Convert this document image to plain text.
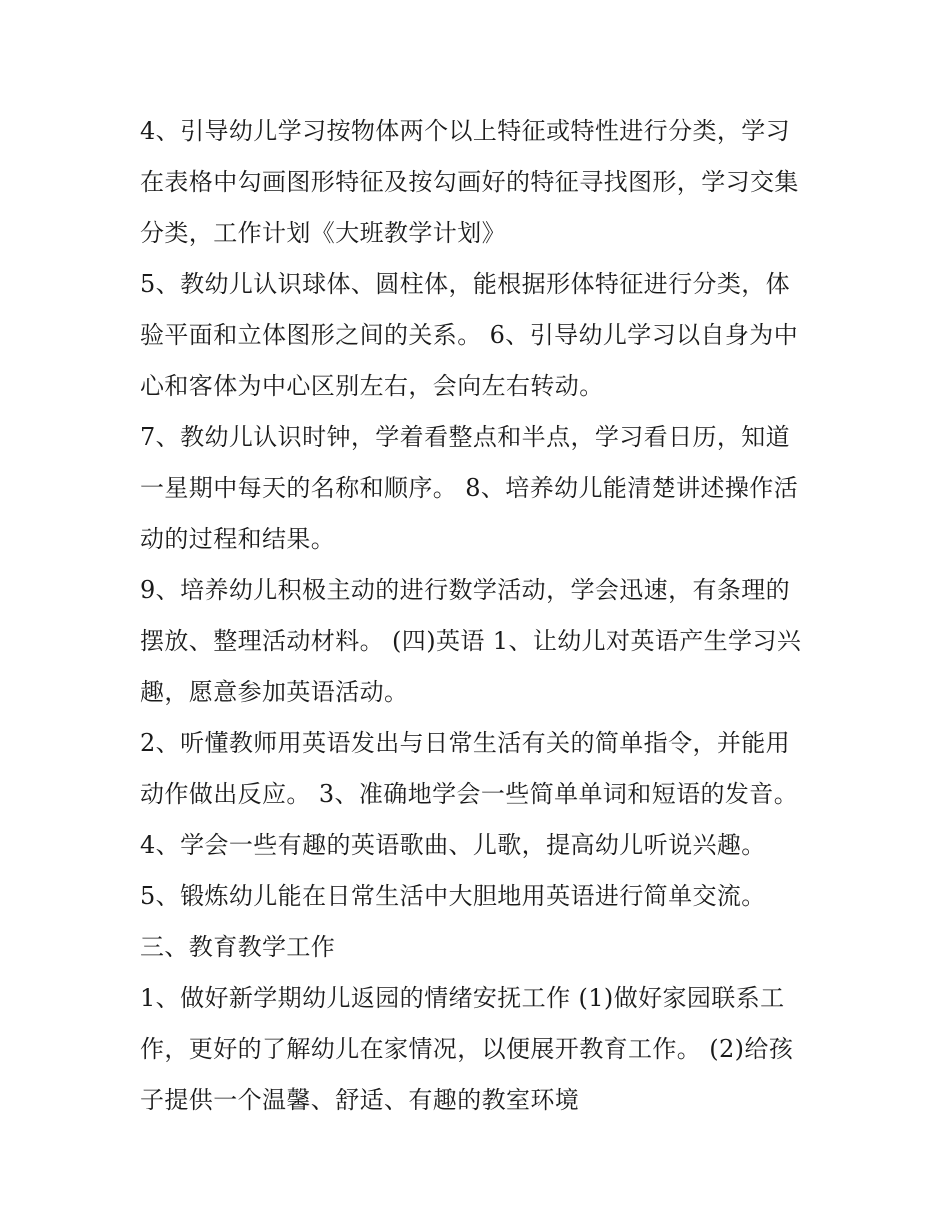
4、引导幼儿学习按物体两个以上特征或特性进行分类，学习
在表格中勾画图形特征及按勾画好的特征寻找图形，学习交集
分类，工作计划《大班教学计划》
5、教幼儿认识球体、圆柱体，能根据形体特征进行分类，体
验平面和立体图形之间的关系。 6、引导幼儿学习以自身为中
心和客体为中心区别左右，会向左右转动。
7、教幼儿认识时钟，学着看整点和半点，学习看日历，知道
一星期中每天的名称和顺序。 8、培养幼儿能清楚讲述操作活
动的过程和结果。
9、培养幼儿积极主动的进行数学活动，学会迅速，有条理的
摆放、整理活动材料。 (四)英语 1、让幼儿对英语产生学习兴
趣，愿意参加英语活动。
2、听懂教师用英语发出与日常生活有关的简单指令，并能用
动作做出反应。 3、准确地学会一些简单单词和短语的发音。
4、学会一些有趣的英语歌曲、儿歌，提高幼儿听说兴趣。
5、锻炼幼儿能在日常生活中大胆地用英语进行简单交流。
三、教育教学工作
1、做好新学期幼儿返园的情绪安抚工作 (1)做好家园联系工
作，更好的了解幼儿在家情况，以便展开教育工作。 (2)给孩
子提供一个温馨、舒适、有趣的教室环境
